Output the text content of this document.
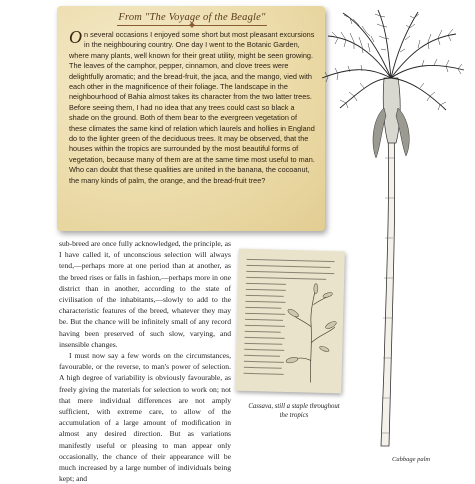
From "The Voyage of the Beagle"
On several occasions I enjoyed some short but most pleasant excursions in the neighbouring country. One day I went to the Botanic Garden, where many plants, well known for their great utility, might be seen growing. The leaves of the camphor, pepper, cinnamon, and clove trees were delightfully aromatic; and the bread-fruit, the jaca, and the mango, vied with each other in the magnificence of their foliage. The landscape in the neighbourhood of Bahia almost takes its character from the two latter trees. Before seeing them, I had no idea that any trees could cast so black a shade on the ground. Both of them bear to the evergreen vegetation of these climates the same kind of relation which laurels and hollies in England do to the lighter green of the deciduous trees. It may be observed, that the houses within the tropics are surrounded by the most beautiful forms of vegetation, because many of them are at the same time most useful to man. Who can doubt that these qualities are united in the banana, the cocoanut, the many kinds of palm, the orange, and the bread-fruit tree?
Cabbage palm

sub-breed are once fully acknowledged, the principle, as I have called it, of unconscious selection will always tend,—perhaps more at one period than at another, as the breed rises or falls in fashion,—perhaps more in one district than in another, according to the state of civilisation of the inhabitants,—slowly to add to the characteristic features of the breed, whatever they may be. But the chance will be infinitely small of any record having been preserved of such slow, varying, and insensible changes.

I must now say a few words on the circumstances, favourable, or the reverse, to man's power of selection. A high degree of variability is obviously favourable, as freely giving the materials for selection to work on; not that mere individual differences are not amply sufficient, with extreme care, to allow of the accumulation of a large amount of modification in almost any desired direction. But as variations manifestly useful or pleasing to man appear only occasionally, the chance of their appearance will be much increased by a large number of individuals being kept; and

Cassava, still a staple throughout the tropics
